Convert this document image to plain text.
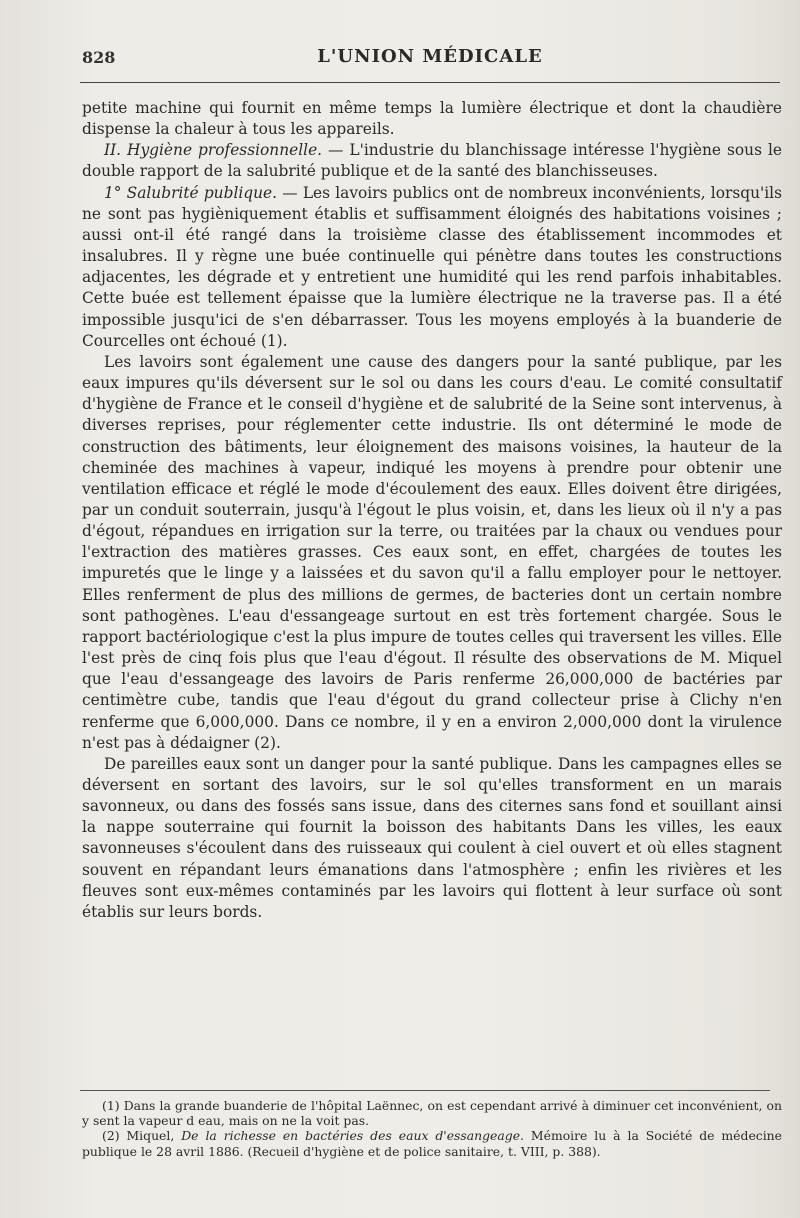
828	L'UNION MÉDICALE

petite machine qui fournit en même temps la lumière électrique et dont la chaudière dispense la chaleur à tous les appareils.

II. Hygiène professionnelle. — L'industrie du blanchissage intéresse l'hygiène sous le double rapport de la salubrité publique et de la santé des blanchisseuses.

1° Salubrité publique. — Les lavoirs publics ont de nombreux inconvénients, lorsqu'ils ne sont pas hygièniquement établis et suffisamment éloignés des habitations voisines ; aussi ont-il été rangé dans la troisième classe des établissement incommodes et insalubres. Il y règne une buée continuelle qui pénètre dans toutes les constructions adjacentes, les dégrade et y entretient une humidité qui les rend parfois inhabitables. Cette buée est tellement épaisse que la lumière électrique ne la traverse pas. Il a été impossible jusqu'ici de s'en débarrasser. Tous les moyens employés à la buanderie de Courcelles ont échoué (1).

Les lavoirs sont également une cause des dangers pour la santé publique, par les eaux impures qu'ils déversent sur le sol ou dans les cours d'eau. Le comité consultatif d'hygiène de France et le conseil d'hygiène et de salubrité de la Seine sont intervenus, à diverses reprises, pour réglementer cette industrie. Ils ont déterminé le mode de construction des bâtiments, leur éloignement des maisons voisines, la hauteur de la cheminée des machines à vapeur, indiqué les moyens à prendre pour obtenir une ventilation efficace et réglé le mode d'écoulement des eaux. Elles doivent être dirigées, par un conduit souterrain, jusqu'à l'égout le plus voisin, et, dans les lieux où il n'y a pas d'égout, répandues en irrigation sur la terre, ou traitées par la chaux ou vendues pour l'extraction des matières grasses. Ces eaux sont, en effet, chargées de toutes les impuretés que le linge y a laissées et du savon qu'il a fallu employer pour le nettoyer. Elles renferment de plus des millions de germes, de bacteries dont un certain nombre sont pathogènes. L'eau d'essangeage surtout en est très fortement chargée. Sous le rapport bactériologique c'est la plus impure de toutes celles qui traversent les villes. Elle l'est près de cinq fois plus que l'eau d'égout. Il résulte des observations de M. Miquel que l'eau d'essangeage des lavoirs de Paris renferme 26,000,000 de bactéries par centimètre cube, tandis que l'eau d'égout du grand collecteur prise à Clichy n'en renferme que 6,000,000. Dans ce nombre, il y en a environ 2,000,000 dont la virulence n'est pas à dédaigner (2).

De pareilles eaux sont un danger pour la santé publique. Dans les campagnes elles se déversent en sortant des lavoirs, sur le sol qu'elles transforment en un marais savonneux, ou dans des fossés sans issue, dans des citernes sans fond et souillant ainsi la nappe souterraine qui fournit la boisson des habitants Dans les villes, les eaux savonneuses s'écoulent dans des ruisseaux qui coulent à ciel ouvert et où elles stagnent souvent en répandant leurs émanations dans l'atmosphère ; enfin les rivières et les fleuves sont eux-mêmes contaminés par les lavoirs qui flottent à leur surface où sont établis sur leurs bords.

(1) Dans la grande buanderie de l'hôpital Laënnec, on est cependant arrivé à diminuer cet inconvénient, on y sent la vapeur d eau, mais on ne la voit pas.

(2) Miquel, De la richesse en bactéries des eaux d'essangeage. Mémoire lu à la Société de médecine publique le 28 avril 1886. (Recueil d'hygiène et de police sanitaire, t. VIII, p. 388).
